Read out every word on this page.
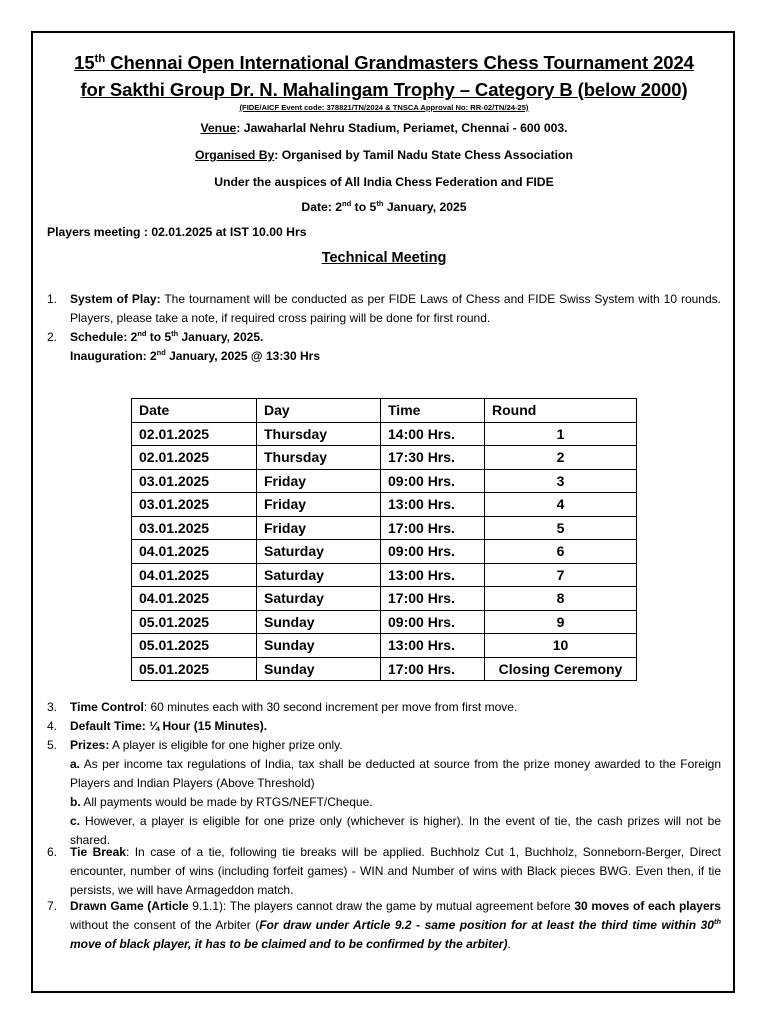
15th Chennai Open International Grandmasters Chess Tournament 2024
for Sakthi Group Dr. N. Mahalingam Trophy – Category B (below 2000)
(FIDE/AICF Event code: 378821/TN/2024 & TNSCA Approval No: RR-02/TN/24-25)
Venue: Jawaharlal Nehru Stadium, Periamet, Chennai - 600 003.
Organised By: Organised by Tamil Nadu State Chess Association
Under the auspices of All India Chess Federation and FIDE
Date: 2nd to 5th January, 2025
Players meeting : 02.01.2025 at IST 10.00 Hrs
Technical Meeting
1. System of Play: The tournament will be conducted as per FIDE Laws of Chess and FIDE Swiss System with 10 rounds. Players, please take a note, if required cross pairing will be done for first round.
2. Schedule: 2nd to 5th January, 2025.
Inauguration: 2nd January, 2025 @ 13:30 Hrs
Date	Day	Time	Round
02.01.2025	Thursday	14:00 Hrs.	1
02.01.2025	Thursday	17:30 Hrs.	2
03.01.2025	Friday	09:00 Hrs.	3
03.01.2025	Friday	13:00 Hrs.	4
03.01.2025	Friday	17:00 Hrs.	5
04.01.2025	Saturday	09:00 Hrs.	6
04.01.2025	Saturday	13:00 Hrs.	7
04.01.2025	Saturday	17:00 Hrs.	8
05.01.2025	Sunday	09:00 Hrs.	9
05.01.2025	Sunday	13:00 Hrs.	10
05.01.2025	Sunday	17:00 Hrs.	Closing Ceremony
3. Time Control: 60 minutes each with 30 second increment per move from first move.
4. Default Time: ¼ Hour (15 Minutes).
5. Prizes: A player is eligible for one higher prize only.
a. As per income tax regulations of India, tax shall be deducted at source from the prize money awarded to the Foreign Players and Indian Players (Above Threshold)
b. All payments would be made by RTGS/NEFT/Cheque.
c. However, a player is eligible for one prize only (whichever is higher). In the event of tie, the cash prizes will not be shared.
6. Tie Break: In case of a tie, following tie breaks will be applied. Buchholz Cut 1, Buchholz, Sonneborn-Berger, Direct encounter, number of wins (including forfeit games) - WIN and Number of wins with Black pieces BWG. Even then, if tie persists, we will have Armageddon match.
7. Drawn Game (Article 9.1.1): The players cannot draw the game by mutual agreement before 30 moves of each players without the consent of the Arbiter (For draw under Article 9.2 - same position for at least the third time within 30th move of black player, it has to be claimed and to be confirmed by the arbiter).
